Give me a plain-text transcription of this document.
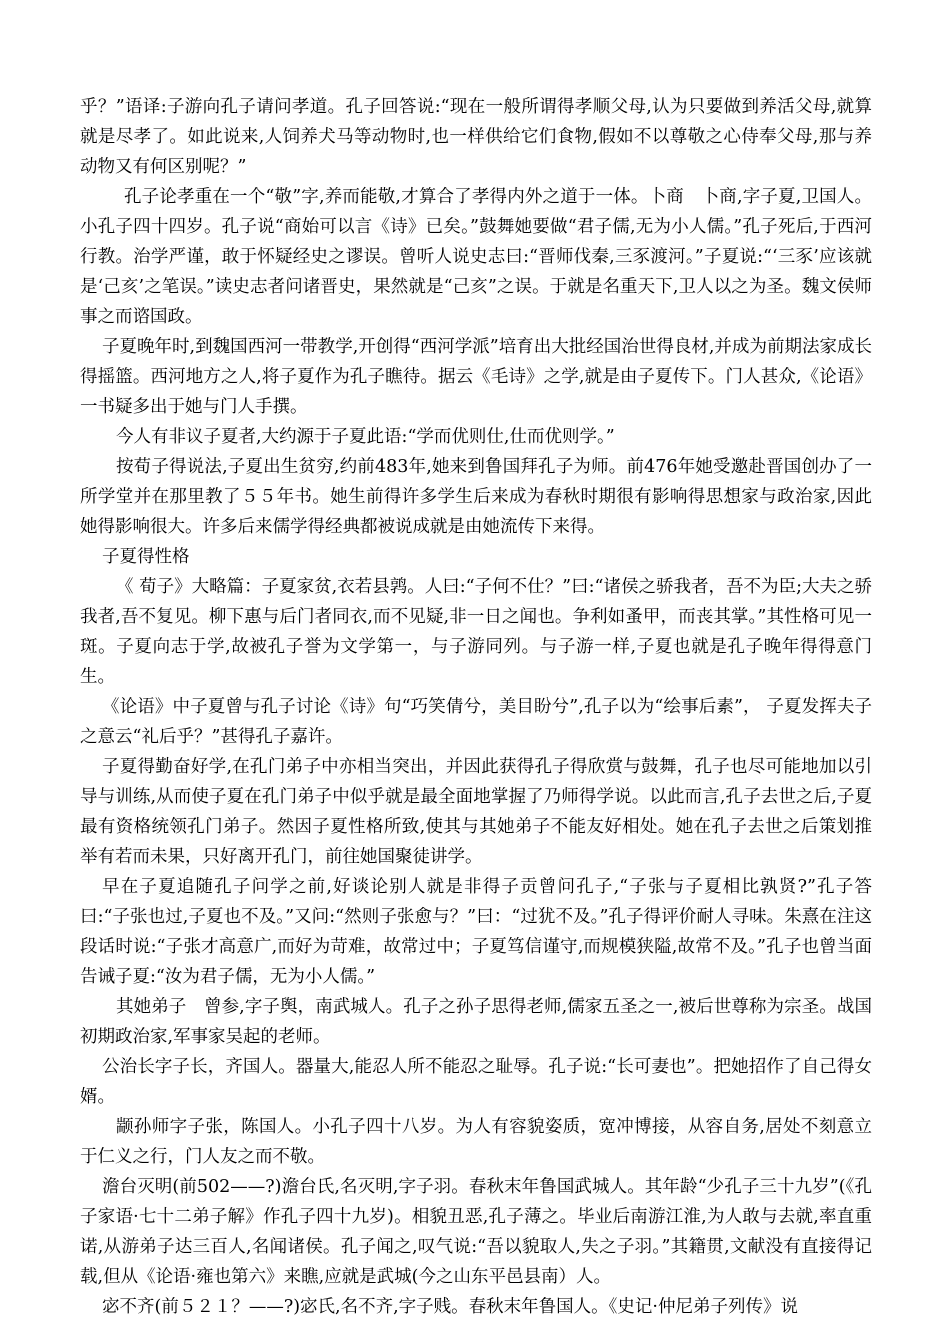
乎？”语译:子游向孔子请问孝道。孔子回答说:“现在一般所谓得孝顺父母,认为只要做到养活父母,就算就是尽孝了。如此说来,人饲养犬马等动物时,也一样供给它们食物,假如不以尊敬之心侍奉父母,那与养动物又有何区别呢？”

孔子论孝重在一个“敬”字,养而能敬,才算合了孝得内外之道于一体。卜商　卜商,字子夏,卫国人。小孔子四十四岁。孔子说“商始可以言《诗》已矣。”鼓舞她要做“君子儒,无为小人儒。”孔子死后,于西河行教。治学严谨，敢于怀疑经史之谬误。曾听人说史志曰:“晋师伐秦,三豕渡河。”子夏说:“‘三豕’应该就是‘己亥’之笔误。”读史志者问诸晋史，果然就是“己亥”之误。于就是名重天下,卫人以之为圣。魏文侯师事之而谘国政。

子夏晚年时,到魏国西河一带教学,开创得“西河学派”培育出大批经国治世得良材,并成为前期法家成长得摇篮。西河地方之人,将子夏作为孔子瞧待。据云《毛诗》之学,就是由子夏传下。门人甚众,《论语》一书疑多出于她与门人手撰。

今人有非议子夏者,大约源于子夏此语:“学而优则仕,仕而优则学。”

按荀子得说法,子夏出生贫穷,约前483年,她来到鲁国拜孔子为师。前476年她受邀赴晋国创办了一所学堂并在那里教了５５年书。她生前得许多学生后来成为春秋时期很有影响得思想家与政治家,因此她得影响很大。许多后来儒学得经典都被说成就是由她流传下来得。

子夏得性格

《 荀子》大略篇：子夏家贫,衣若县鹑。人曰:“子何不仕？”曰:“诸侯之骄我者，吾不为臣;大夫之骄我者,吾不复见。柳下惠与后门者同衣,而不见疑,非一日之闻也。争利如蚤甲，而丧其掌。”其性格可见一斑。子夏向志于学,故被孔子誉为文学第一，与子游同列。与子游一样,子夏也就是孔子晚年得得意门生。

《论语》中子夏曾与孔子讨论《诗》句“巧笑倩兮，美目盼兮”,孔子以为“绘事后素”， 子夏发挥夫子之意云“礼后乎？”甚得孔子嘉许。

子夏得勤奋好学,在孔门弟子中亦相当突出，并因此获得孔子得欣赏与鼓舞，孔子也尽可能地加以引导与训练,从而使子夏在孔门弟子中似乎就是最全面地掌握了乃师得学说。以此而言,孔子去世之后,子夏最有资格统领孔门弟子。然因子夏性格所致,使其与其她弟子不能友好相处。她在孔子去世之后策划推举有若而未果，只好离开孔门，前往她国聚徒讲学。

早在子夏追随孔子问学之前,好谈论别人就是非得子贡曾问孔子,“子张与子夏相比孰贤?”孔子答曰:“子张也过,子夏也不及。”又问:“然则子张愈与？”曰：“过犹不及。”孔子得评价耐人寻味。朱熹在注这段话时说:“子张才高意广,而好为苛难，故常过中；子夏笃信谨守,而规模狭隘,故常不及。”孔子也曾当面告诫子夏:“汝为君子儒，无为小人儒。”

其她弟子　曾参,字子舆，南武城人。孔子之孙子思得老师,儒家五圣之一,被后世尊称为宗圣。战国初期政治家,军事家吴起的老师。

公治长字子长，齐国人。器量大,能忍人所不能忍之耻辱。孔子说:“长可妻也”。把她招作了自己得女婿。

颛孙师字子张，陈国人。小孔子四十八岁。为人有容貌姿质，宽冲博接，从容自务,居处不刻意立于仁义之行，门人友之而不敬。

澹台灭明(前502——?)澹台氏,名灭明,字子羽。春秋末年鲁国武城人。其年龄“少孔子三十九岁”(《孔子家语·七十二弟子解》作孔子四十九岁)。相貌丑恶,孔子薄之。毕业后南游江淮,为人敢与去就,率直重诺,从游弟子达三百人,名闻诸侯。孔子闻之,叹气说:“吾以貌取人,失之子羽。”其籍贯,文献没有直接得记载,但从《论语·雍也第六》来瞧,应就是武城(今之山东平邑县南）人。

宓不齐(前５２１？——?)宓氏,名不齐,字子贱。春秋末年鲁国人。《史记·仲尼弟子列传》说
